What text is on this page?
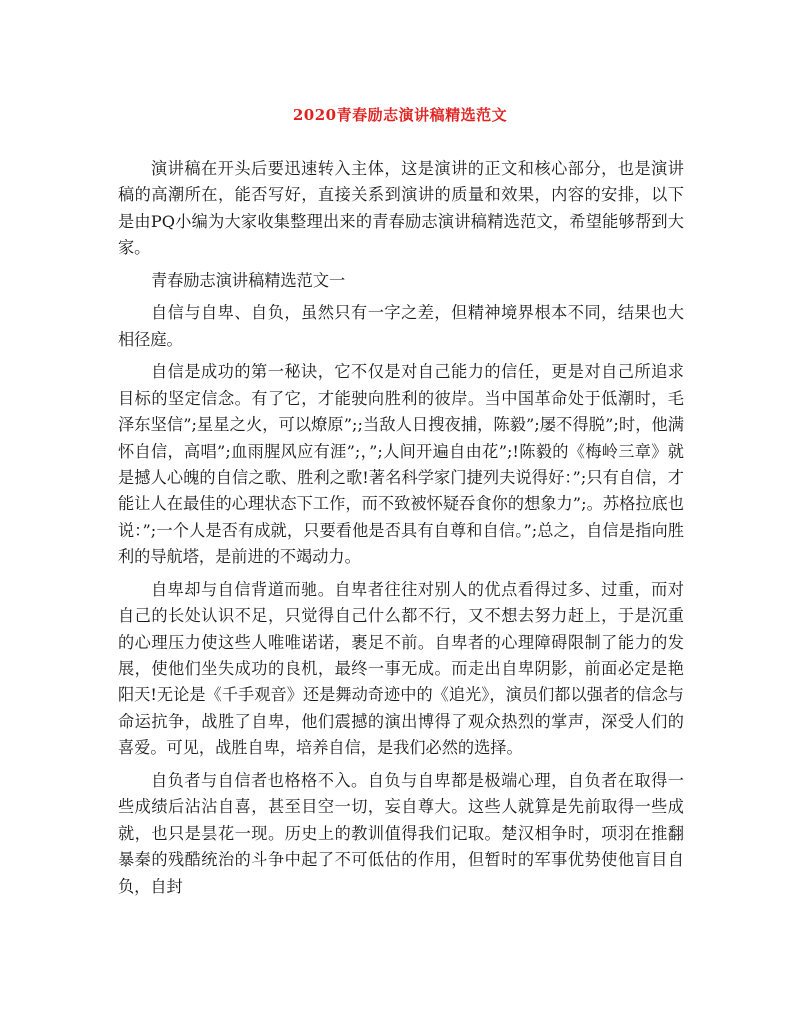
2020青春励志演讲稿精选范文

演讲稿在开头后要迅速转入主体，这是演讲的正文和核心部分，也是演讲稿的高潮所在，能否写好，直接关系到演讲的质量和效果，内容的安排，以下是由PQ小编为大家收集整理出来的青春励志演讲稿精选范文，希望能够帮到大家。

青春励志演讲稿精选范文一

自信与自卑、自负，虽然只有一字之差，但精神境界根本不同，结果也大相径庭。

自信是成功的第一秘诀，它不仅是对自己能力的信任，更是对自己所追求目标的坚定信念。有了它，才能驶向胜利的彼岸。当中国革命处于低潮时，毛泽东坚信”;星星之火，可以燎原”;;当敌人日搜夜捕，陈毅”;屡不得脱”;时，他满怀自信，高唱”;血雨腥风应有涯”;，”;人间开遍自由花”;!陈毅的《梅岭三章》就是撼人心魄的自信之歌、胜利之歌!著名科学家门捷列夫说得好：”;只有自信，才能让人在最佳的心理状态下工作，而不致被怀疑吞食你的想象力”;。苏格拉底也说：”;一个人是否有成就，只要看他是否具有自尊和自信。”;总之，自信是指向胜利的导航塔，是前进的不竭动力。

自卑却与自信背道而驰。自卑者往往对别人的优点看得过多、过重，而对自己的长处认识不足，只觉得自己什么都不行，又不想去努力赶上，于是沉重的心理压力使这些人唯唯诺诺，裹足不前。自卑者的心理障碍限制了能力的发展，使他们坐失成功的良机，最终一事无成。而走出自卑阴影，前面必定是艳阳天!无论是《千手观音》还是舞动奇迹中的《追光》，演员们都以强者的信念与命运抗争，战胜了自卑，他们震撼的演出博得了观众热烈的掌声，深受人们的喜爱。可见，战胜自卑，培养自信，是我们必然的选择。

自负者与自信者也格格不入。自负与自卑都是极端心理，自负者在取得一些成绩后沾沾自喜，甚至目空一切，妄自尊大。这些人就算是先前取得一些成就，也只是昙花一现。历史上的教训值得我们记取。楚汉相争时，项羽在推翻暴秦的残酷统治的斗争中起了不可低估的作用，但暂时的军事优势使他盲目自负，自封
